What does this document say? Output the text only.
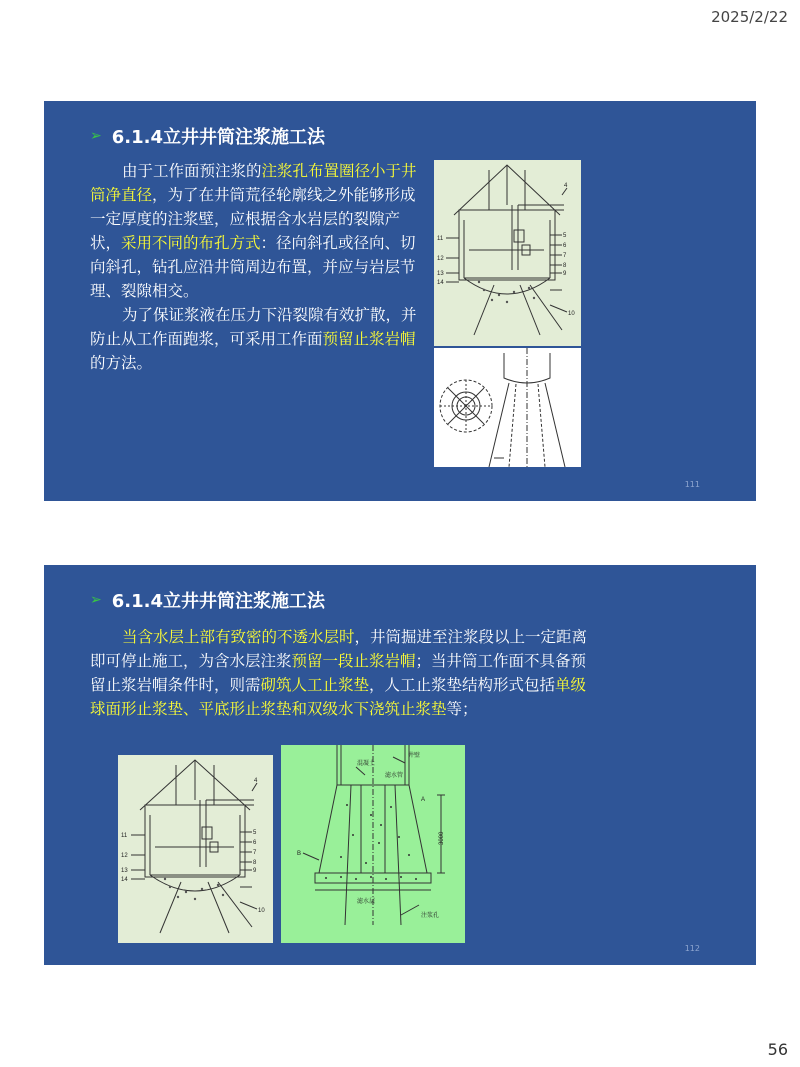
2025/2/22
➢ 6.1.4立井井筒注浆施工法

由于工作面预注浆的注浆孔布置圈径小于井筒净直径，为了在井筒荒径轮廓线之外能够形成一定厚度的注浆壁，应根据含水岩层的裂隙产状，采用不同的布孔方式：径向斜孔或径向、切向斜孔，钻孔应沿井筒周边布置，并应与岩层节理、裂隙相交。

为了保证浆液在压力下沿裂隙有效扩散，并防止从工作面跑浆，可采用工作面预留止浆岩帽的方法。

4
5
6
7
8
9
10
11
12
13
14
111
➢ 6.1.4立井井筒注浆施工法

当含水层上部有致密的不透水层时，井筒掘进至注浆段以上一定距离即可停止施工，为含水层注浆预留一段止浆岩帽；当井筒工作面不具备预留止浆岩帽条件时，则需砌筑人工止浆垫，人工止浆垫结构形式包括单级球面形止浆垫、平底形止浆垫和双级水下浇筑止浆垫等；

4
5
6
7
8
9
10
11
12
13
14
井壁
混凝土
滤水管
A
3000
B
滤水层
注浆孔
112
56
